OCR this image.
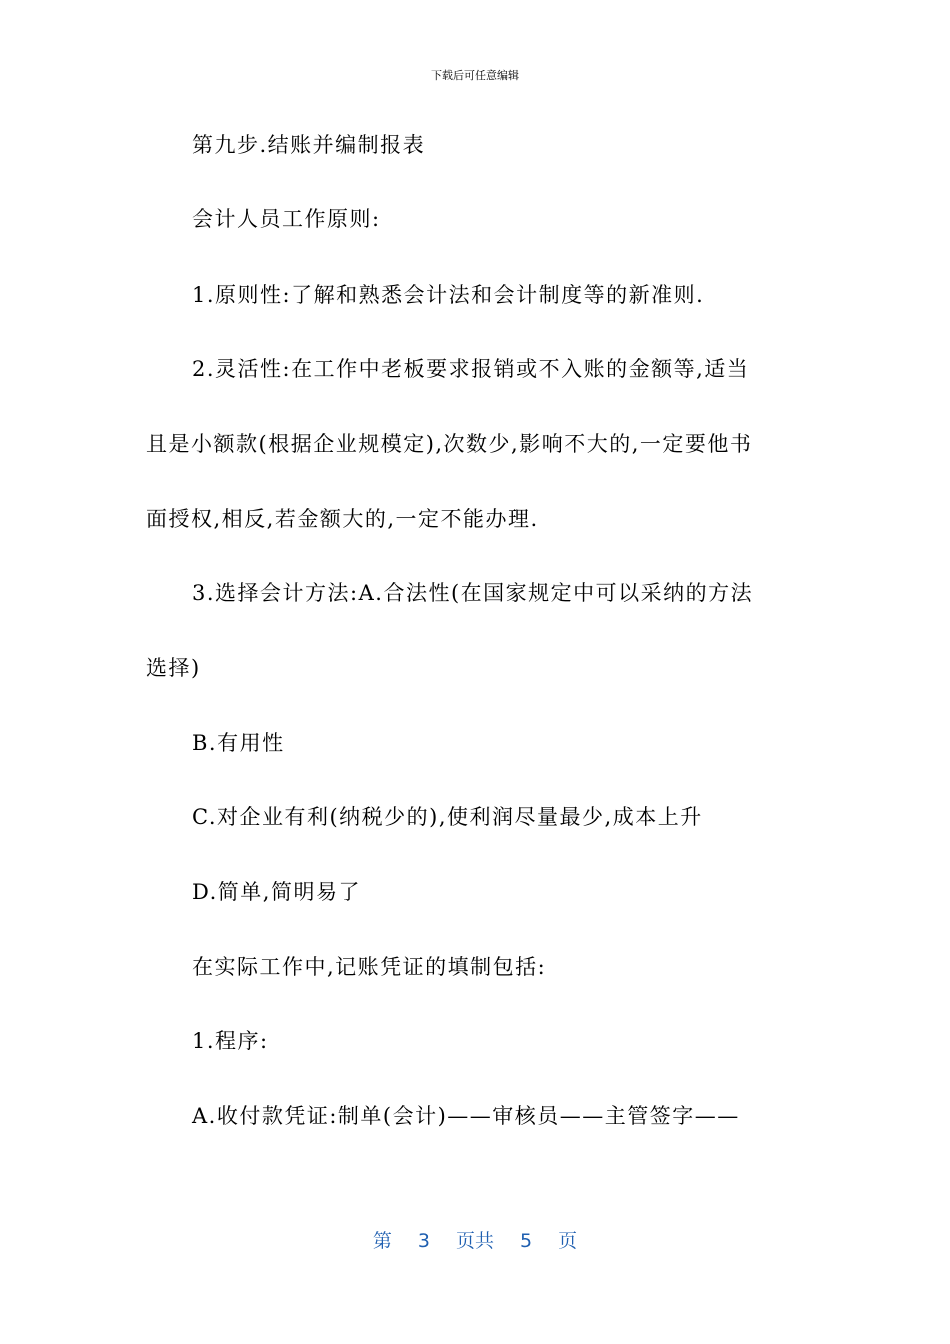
下载后可任意编辑
第九步.结账并编制报表
会计人员工作原则:
1.原则性:了解和熟悉会计法和会计制度等的新准则.
2.灵活性:在工作中老板要求报销或不入账的金额等,适当
且是小额款(根据企业规模定),次数少,影响不大的,一定要他书
面授权,相反,若金额大的,一定不能办理.
3.选择会计方法:A.合法性(在国家规定中可以采纳的方法
选择)
B.有用性
C.对企业有利(纳税少的),使利润尽量最少,成本上升
D.简单,简明易了
在实际工作中,记账凭证的填制包括:
1.程序:
A.收付款凭证:制单(会计)——审核员——主管签字——
第 3 页共 5 页
